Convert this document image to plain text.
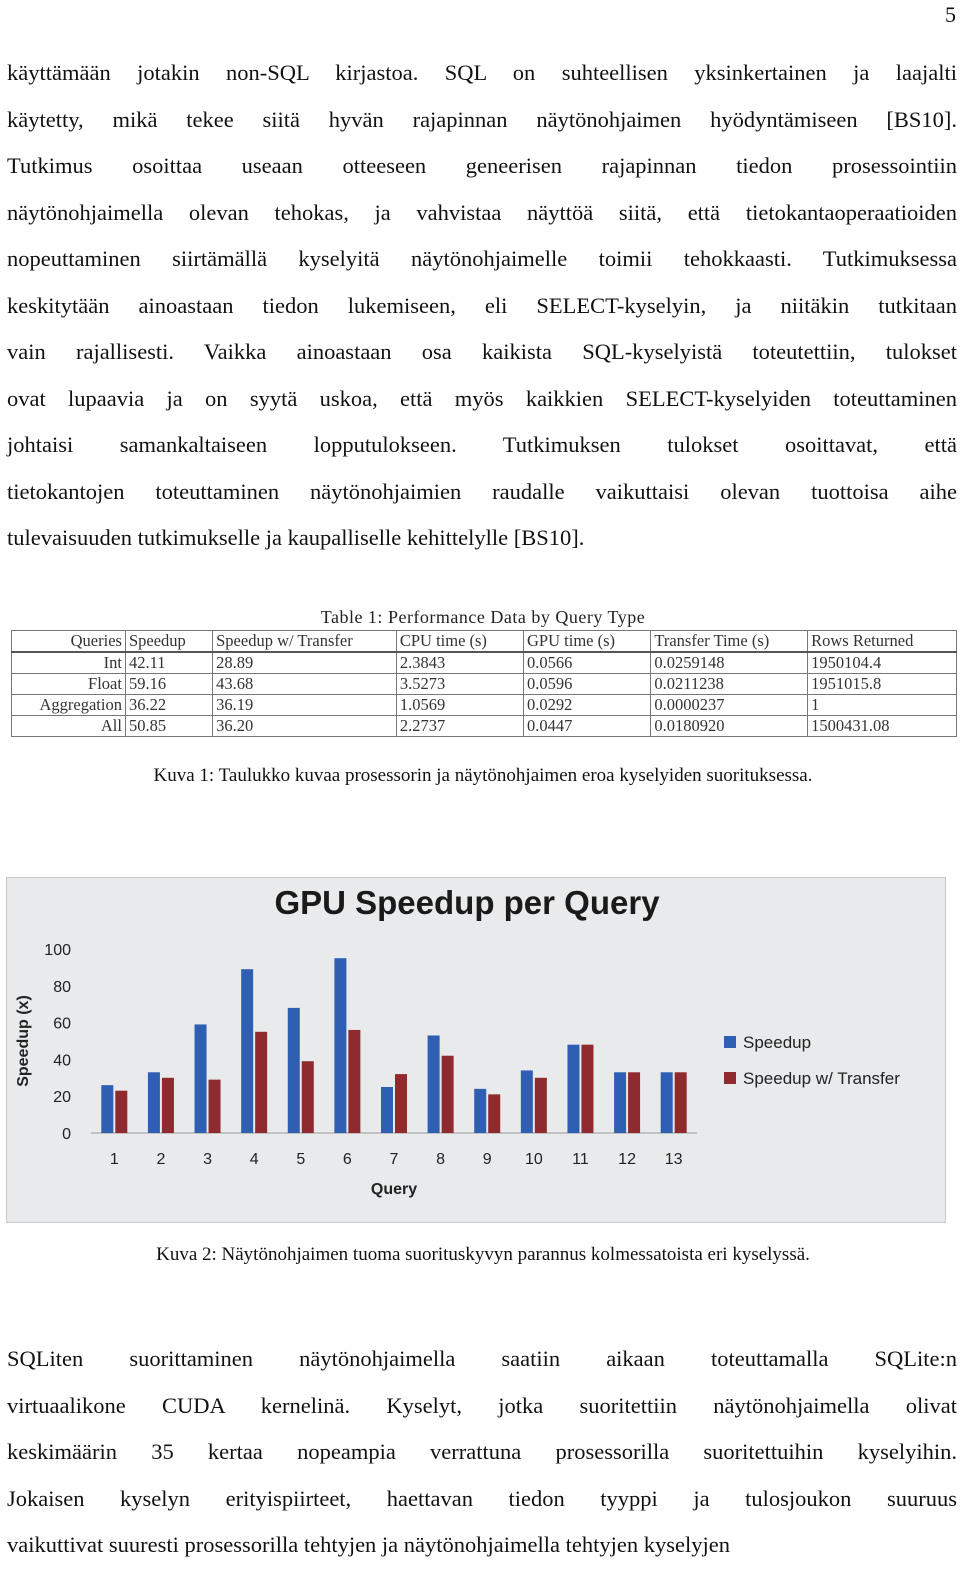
5

käyttämään jotakin non-SQL kirjastoa. SQL on suhteellisen yksinkertainen ja laajalti
käytetty, mikä tekee siitä hyvän rajapinnan näytönohjaimen hyödyntämiseen [BS10].
Tutkimus osoittaa useaan otteeseen geneerisen rajapinnan tiedon prosessointiin
näytönohjaimella olevan tehokas, ja vahvistaa näyttöä siitä, että tietokantaoperaatioiden
nopeuttaminen siirtämällä kyselyitä näytönohjaimelle toimii tehokkaasti. Tutkimuksessa
keskitytään ainoastaan tiedon lukemiseen, eli SELECT-kyselyin, ja niitäkin tutkitaan
vain rajallisesti. Vaikka ainoastaan osa kaikista SQL-kyselyistä toteutettiin, tulokset
ovat lupaavia ja on syytä uskoa, että myös kaikkien SELECT-kyselyiden toteuttaminen
johtaisi samankaltaiseen lopputulokseen. Tutkimuksen tulokset osoittavat, että
tietokantojen toteuttaminen näytönohjaimien raudalle vaikuttaisi olevan tuottoisa aihe
tulevaisuuden tutkimukselle ja kaupalliselle kehittelylle [BS10].

Table 1: Performance Data by Query Type
Queries	Speedup	Speedup w/ Transfer	CPU time (s)	GPU time (s)	Transfer Time (s)	Rows Returned
Int	42.11	28.89	2.3843	0.0566	0.0259148	1950104.4
Float	59.16	43.68	3.5273	0.0596	0.0211238	1951015.8
Aggregation	36.22	36.19	1.0569	0.0292	0.0000237	1
All	50.85	36.20	2.2737	0.0447	0.0180920	1500431.08
Kuva 1: Taulukko kuvaa prosessorin ja näytönohjaimen eroa kyselyiden suorituksessa.
GPU Speedup per Query
0
20
40
60
80
100
Speedup (x)
1 2 3 4 5 6 7 8 9 10 11 12 13
Query
Speedup
Speedup w/ Transfer
Kuva 2: Näytönohjaimen tuoma suorituskyvyn parannus kolmessatoista eri kyselyssä.

SQLiten suorittaminen näytönohjaimella saatiin aikaan toteuttamalla SQLite:n
virtuaalikone CUDA kernelinä. Kyselyt, jotka suoritettiin näytönohjaimella olivat
keskimäärin 35 kertaa nopeampia verrattuna prosessorilla suoritettuihin kyselyihin.
Jokaisen kyselyn erityispiirteet, haettavan tiedon tyyppi ja tulosjoukon suuruus
vaikuttivat suuresti prosessorilla tehtyjen ja näytönohjaimella tehtyjen kyselyjen
